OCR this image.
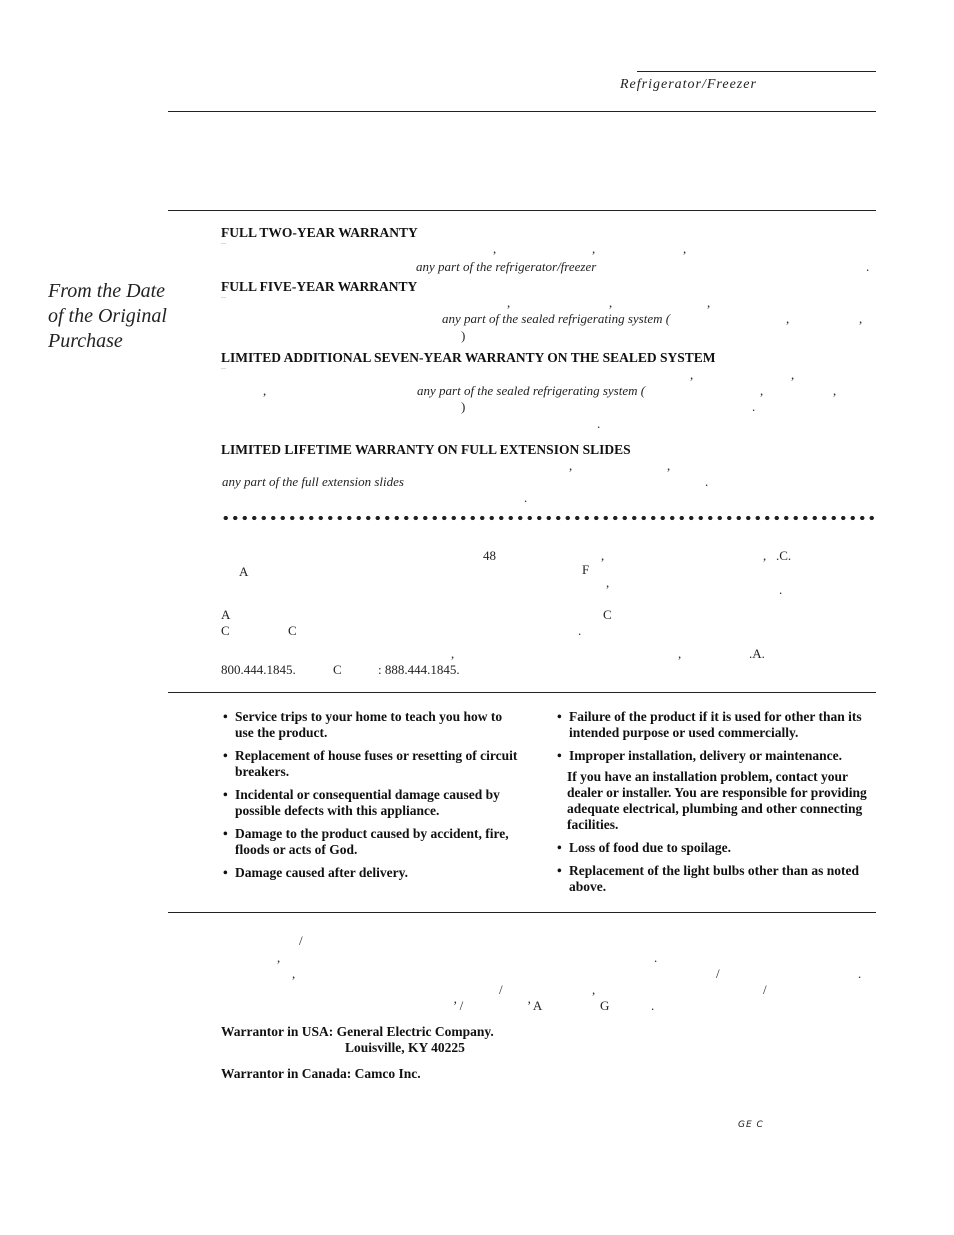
Refrigerator/Freezer
From the Date
of the Original
Purchase
FULL TWO-YEAR WARRANTY
–	,	,	,
any part of the refrigerator/freezer	.
FULL FIVE-YEAR WARRANTY
–	,	,	,
any part of the sealed refrigerating system (	,	,
)
LIMITED ADDITIONAL SEVEN-YEAR WARRANTY ON THE SEALED SYSTEM
–	,	,
,	any part of the sealed refrigerating system (	,	,
)	.
.
LIMITED LIFETIME WARRANTY ON FULL EXTENSION SLIDES
,	,
any part of the full extension slides	.
.
48	,	, .C.
A	F
,	.
A	C
C	C	.
,	,	.A.
800.444.1845.	C	: 888.444.1845.
• Service trips to your home to teach you how to use the product.
• Replacement of house fuses or resetting of circuit breakers.
• Incidental or consequential damage caused by possible defects with this appliance.
• Damage to the product caused by accident, fire, floods or acts of God.
• Damage caused after delivery.
• Failure of the product if it is used for other than its intended purpose or used commercially.
• Improper installation, delivery or maintenance.
If you have an installation problem, contact your dealer or installer. You are responsible for providing adequate electrical, plumbing and other connecting facilities.
• Loss of food due to spoilage.
• Replacement of the light bulbs other than as noted above.
/
,	.
,	/	.
/	,	/
’ /	’ A	G	.
Warrantor in USA: General Electric Company.
Louisville, KY 40225
Warrantor in Canada: Camco Inc.
GE C
